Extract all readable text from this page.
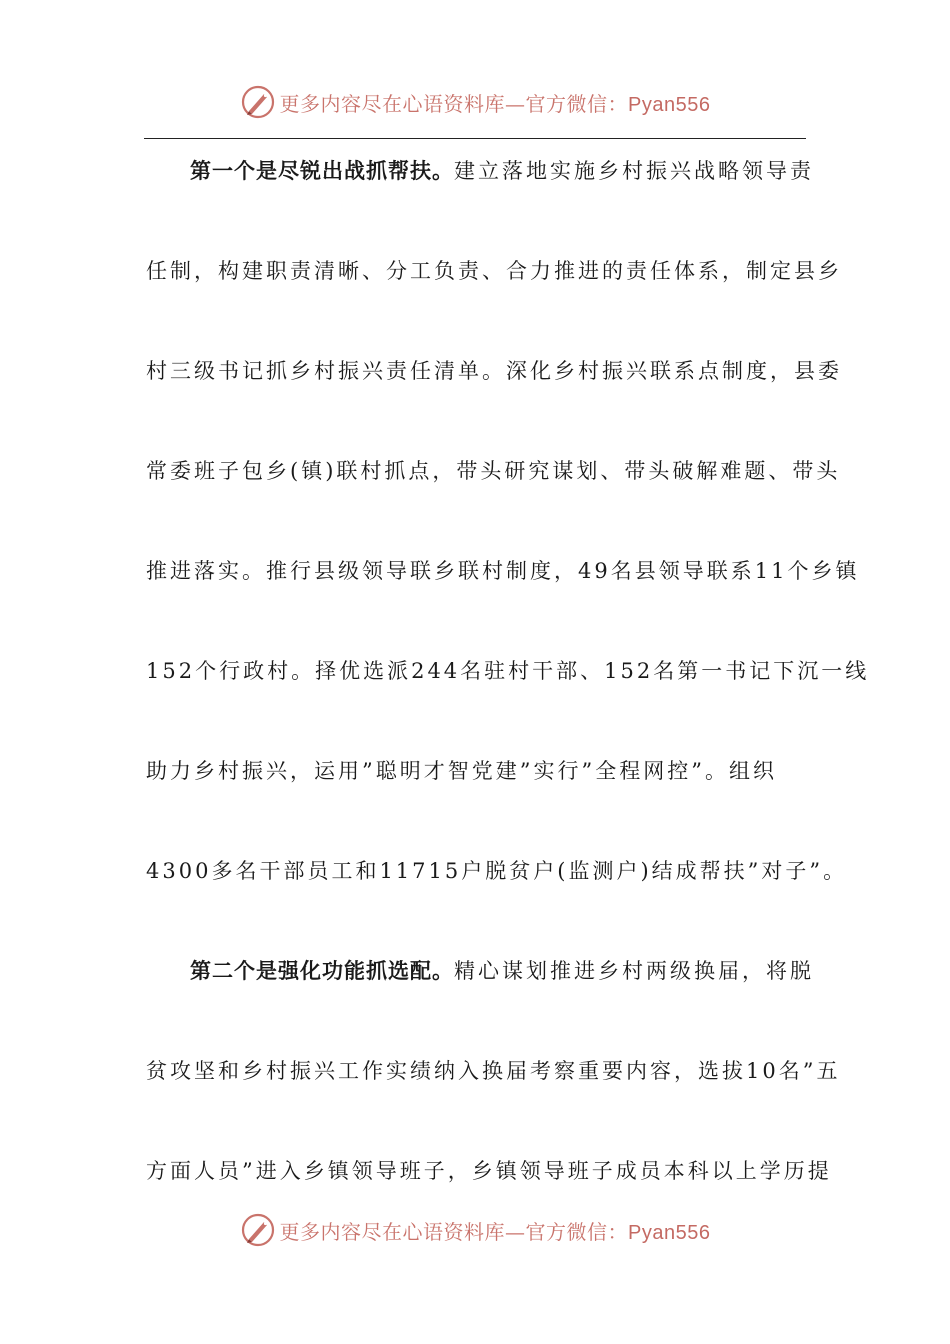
更多内容尽在心语资料库—官方微信：Pyan556
第一个是尽锐出战抓帮扶。建立落地实施乡村振兴战略领导责
任制，构建职责清晰、分工负责、合力推进的责任体系，制定县乡
村三级书记抓乡村振兴责任清单。深化乡村振兴联系点制度，县委
常委班子包乡(镇)联村抓点，带头研究谋划、带头破解难题、带头
推进落实。推行县级领导联乡联村制度，49名县领导联系11个乡镇
152个行政村。择优选派244名驻村干部、152名第一书记下沉一线
助力乡村振兴，运用”聪明才智党建”实行”全程网控”。组织
4300多名干部员工和11715户脱贫户(监测户)结成帮扶”对子”。
第二个是强化功能抓选配。精心谋划推进乡村两级换届，将脱
贫攻坚和乡村振兴工作实绩纳入换届考察重要内容，选拔10名”五
方面人员”进入乡镇领导班子，乡镇领导班子成员本科以上学历提
更多内容尽在心语资料库—官方微信：Pyan556
